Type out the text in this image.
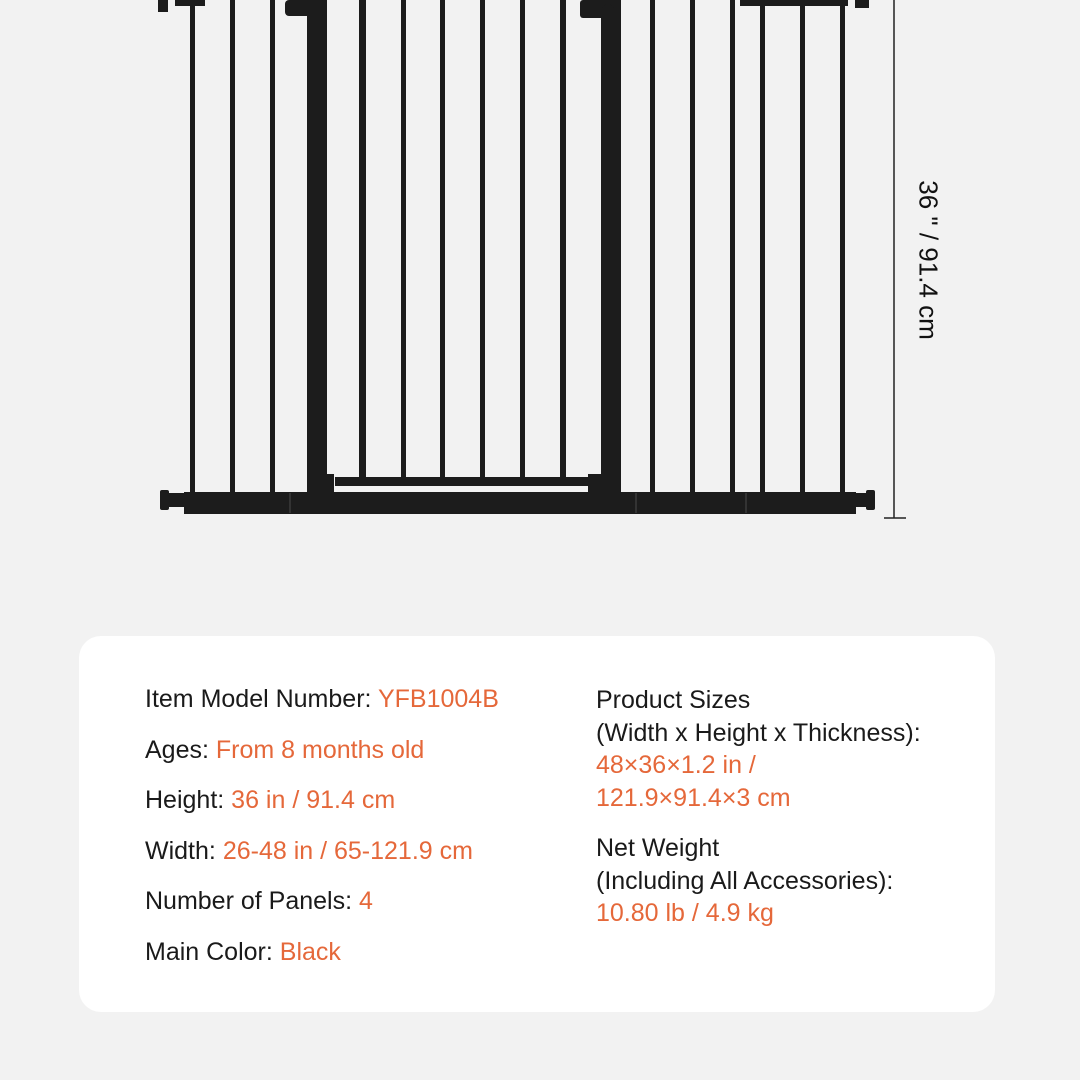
36 " / 91.4 cm
Item Model Number: YFB1004B
Ages: From 8 months old
Height: 36 in / 91.4 cm
Width: 26-48 in / 65-121.9 cm
Number of Panels: 4
Main Color: Black
Product Sizes
(Width x Height x Thickness):
48×36×1.2 in /
121.9×91.4×3 cm
Net Weight
(Including All Accessories):
10.80 lb / 4.9 kg
